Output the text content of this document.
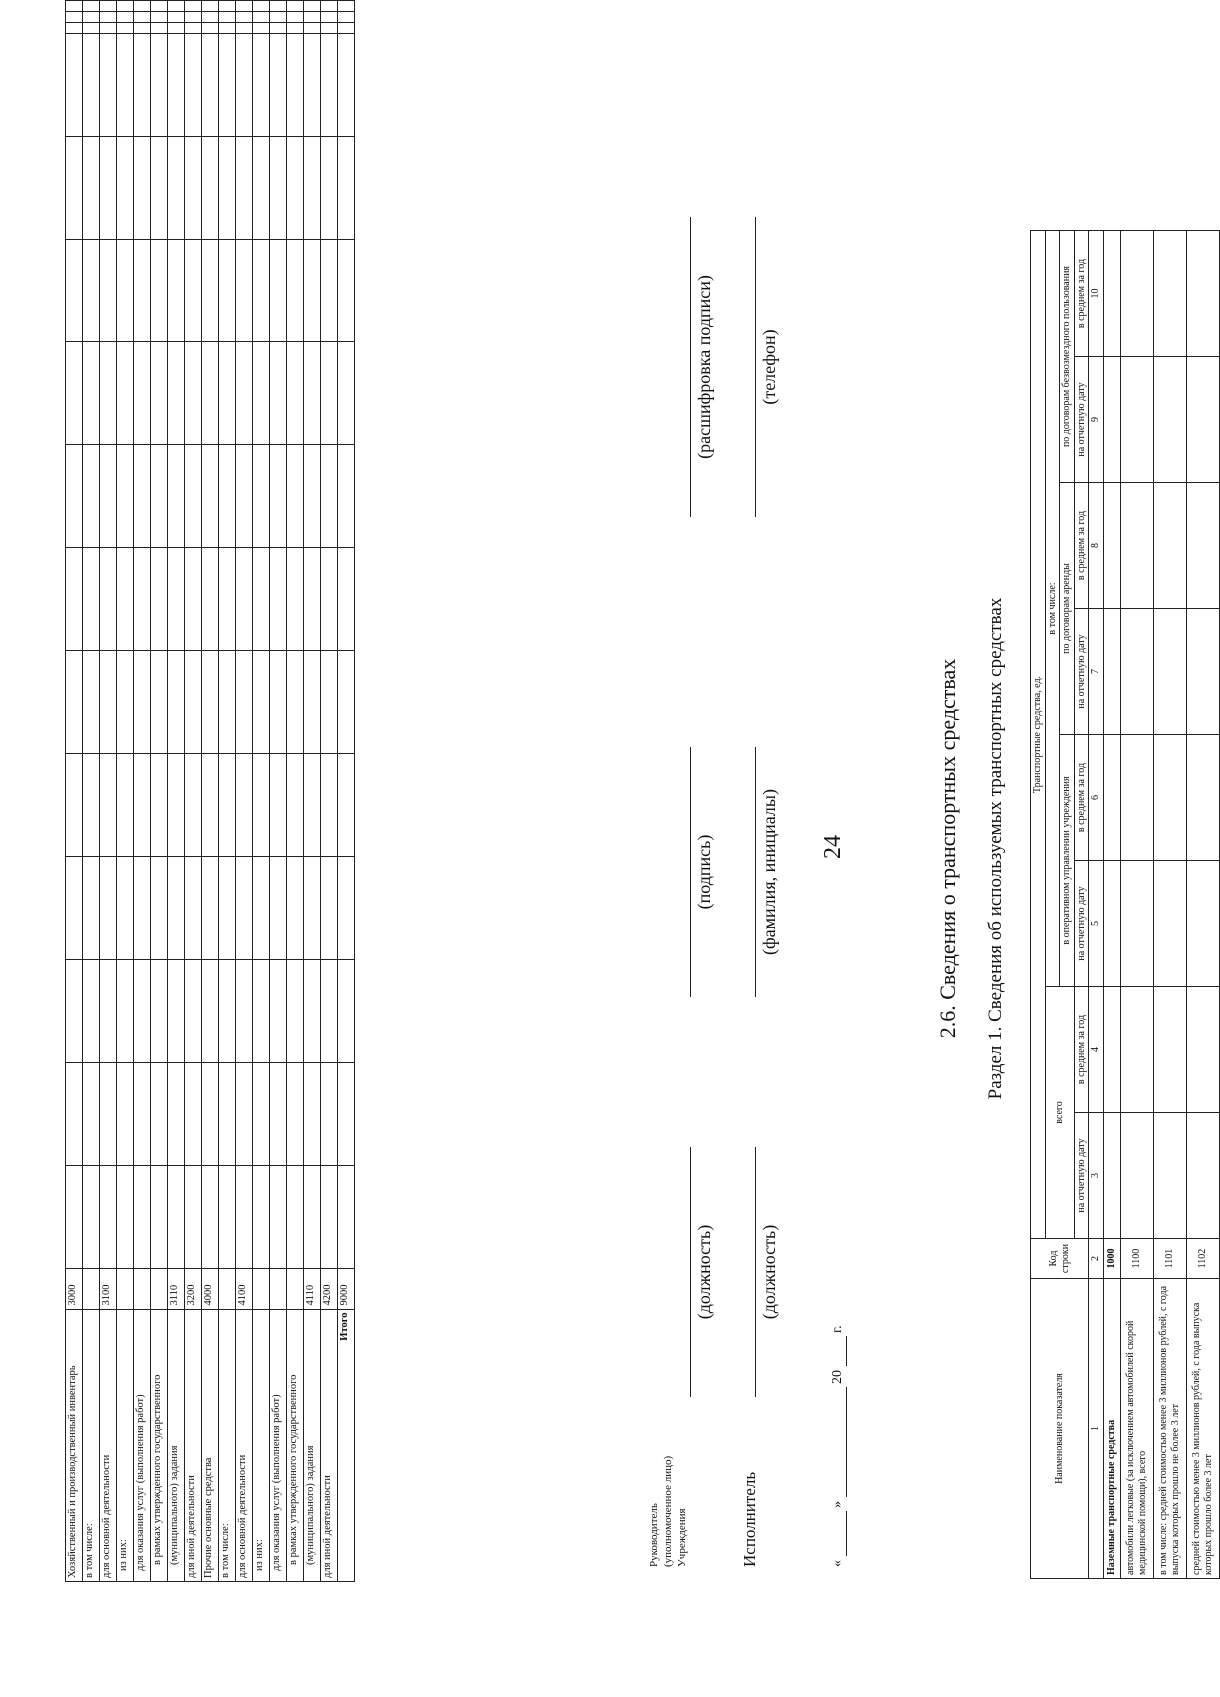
24
Хозяйственный и производственный инвентарь	3000															
в том числе:																
для основной деятельности	3100															
из них:																
для оказания услуг (выполнения работ)																
в рамках утвержденного государственного																
(муниципального) задания	3110															
для иной деятельности	3200															
Прочие основные средства	4000															
в том числе:																
для основной деятельности	4100															
из них:																
для оказания услуг (выполнения работ)																
в рамках утвержденного государственного																
(муниципального) задания	4110															
для иной деятельности	4200															
Итого	9000															
Руководитель (уполномоченное лицо) Учреждения
(должность)
(подпись)
(расшифровка подписи)
Исполнитель
(должность)
(фамилия, инициалы)
(телефон)
«   »   20   г.
2.6. Сведения о транспортных средствах Раздел 1. Сведения об используемых транспортных средствах
Наименование показателя	Код строки	Транспортные средства, ед.							
		всего		в том числе:					
				в оперативном управлении учреждения		по договорам аренды		по договорам безвозмездного пользования	
		на отчетную дату	в среднем за год	на отчетную дату	в среднем за год	на отчетную дату	в среднем за год	на отчетную дату	в среднем за год
1	2	3	4	5	6	7	8	9	10
Наземные транспортные средства	1000								
автомобили легковые (за исключением автомобилей скорой медицинской помощи), всего	1100								
в том числе: средней стоимостью менее 3 миллионов рублей, с года выпуска которых прошло не более 3 лет	1101								
средней стоимостью менее 3 миллионов рублей, с года выпуска которых прошло более 3 лет	1102								
